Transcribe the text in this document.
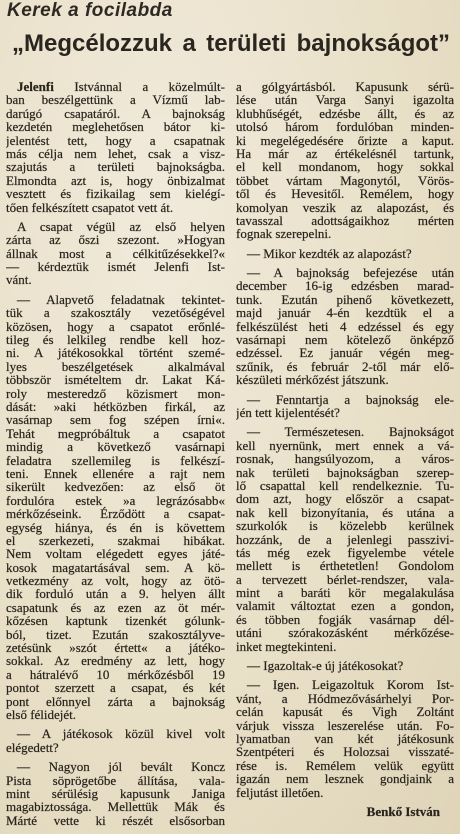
Kerek a focilabda
„Megcélozzuk a területi bajnokságot”
Jelenfi Istvánnal a közelmúlt-
ban beszélgettünk a Vízmű lab-
darúgó csapatáról. A bajnokság
kezdetén meglehetősen bátor ki-
jelentést tett, hogy a csapatnak
más célja nem lehet, csak a visz-
szajutás a területi bajnokságba.
Elmondta azt is, hogy önbizalmat
vesztett és fizikailag sem kielégí-
tően felkészített csapatot vett át.
A csapat végül az első helyen
zárta az őszi szezont. »Hogyan
állnak most a célkitűzésekkel?«
— kérdeztük ismét Jelenfi Ist-
vánt.
— Alapvető feladatnak tekintet-
tük a szakosztály vezetőségével
közösen, hogy a csapatot erőnlé-
tileg és lelkileg rendbe kell hoz-
ni. A játékosokkal történt szemé-
lyes beszélgetések alkalmával
többször ismételtem dr. Lakat Ká-
roly mesteredző közismert mon-
dását: »aki hétközben firkál, az
vasárnap sem fog szépen írni«.
Tehát megpróbáltuk a csapatot
mindig a következő vasárnapi
feladatra szellemileg is felkészí-
teni. Ennek ellenére a rajt nem
sikerült kedvezően: az első öt
fordulóra estek »a legrázósabb«
mérkőzéseink. Érződött a csapat-
egység hiánya, és én is követtem
el szerkezeti, szakmai hibákat.
Nem voltam elégedett egyes játé-
kosok magatartásával sem. A kö-
vetkezmény az volt, hogy az ötö-
dik forduló után a 9. helyen állt
csapatunk és az ezen az öt mér-
kőzésen kaptunk tizenkét gólunk-
ból, tizet. Ezután szakosztályve-
zetésünk »szót értett« a játéko-
sokkal. Az eredmény az lett, hogy
a hátralévő 10 mérkőzésből 19
pontot szerzett a csapat, és két
pont előnnyel zárta a bajnokság
első félidejét.
— A játékosok közül kivel volt
elégedett?
— Nagyon jól bevált Koncz
Pista söprögetőbe állítása, vala-
mint sérülésig kapusunk Janiga
magabiztossága. Mellettük Mák és
Márté vette ki részét elsősorban
a gólgyártásból. Kapusunk sérü-
lése után Varga Sanyi igazolta
klubhűségét, edzésbe állt, és az
utolsó három fordulóban minden-
ki megelégedésére őrizte a kaput.
Ha már az értékelésnél tartunk,
el kell mondanom, hogy sokkal
többet vártam Magonytól, Vörös-
től és Hevesitől. Remélem, hogy
komolyan veszik az alapozást, és
tavasszal adottságaikhoz mérten
fognak szerepelni.
— Mikor kezdték az alapozást?
— A bajnokság befejezése után
december 16-ig edzésben marad-
tunk. Ezután pihenő következett,
majd január 4-én kezdtük el a
felkészülést heti 4 edzéssel és egy
vasárnapi nem kötelező önképző
edzéssel. Ez január végén meg-
szűnik, és február 2-től már elő-
készületi mérkőzést játszunk.
— Fenntartja a bajnokság ele-
jén tett kijelentését?
— Természetesen. Bajnokságot
kell nyernünk, mert ennek a vá-
rosnak, hangsúlyozom, a város-
nak területi bajnokságban szerep-
lő csapattal kell rendelkeznie. Tu-
dom azt, hogy először a csapat-
nak kell bizonyítania, és utána a
szurkolók is közelebb kerülnek
hozzánk, de a jelenlegi passzivi-
tás még ezek figyelembe vétele
mellett is érthetetlen! Gondolom
a tervezett bérlet-rendszer, vala-
mint a baráti kör megalakulása
valamit változtat ezen a gondon,
és többen fogják vasárnap dél-
utáni szórakozásként mérkőzése-
inket megtekinteni.
— Igazoltak-e új játékosokat?
— Igen. Leigazoltuk Korom Ist-
vánt, a Hódmezővásárhelyi Por-
celán kapusát és Vigh Zoltánt
várjuk vissza leszerelése után. Fo-
lyamatban van két játékosunk
Szentpéteri és Holozsai visszaté-
rése is. Remélem velük együtt
igazán nem lesznek gondjaink a
feljutást illetően.
Benkő István
